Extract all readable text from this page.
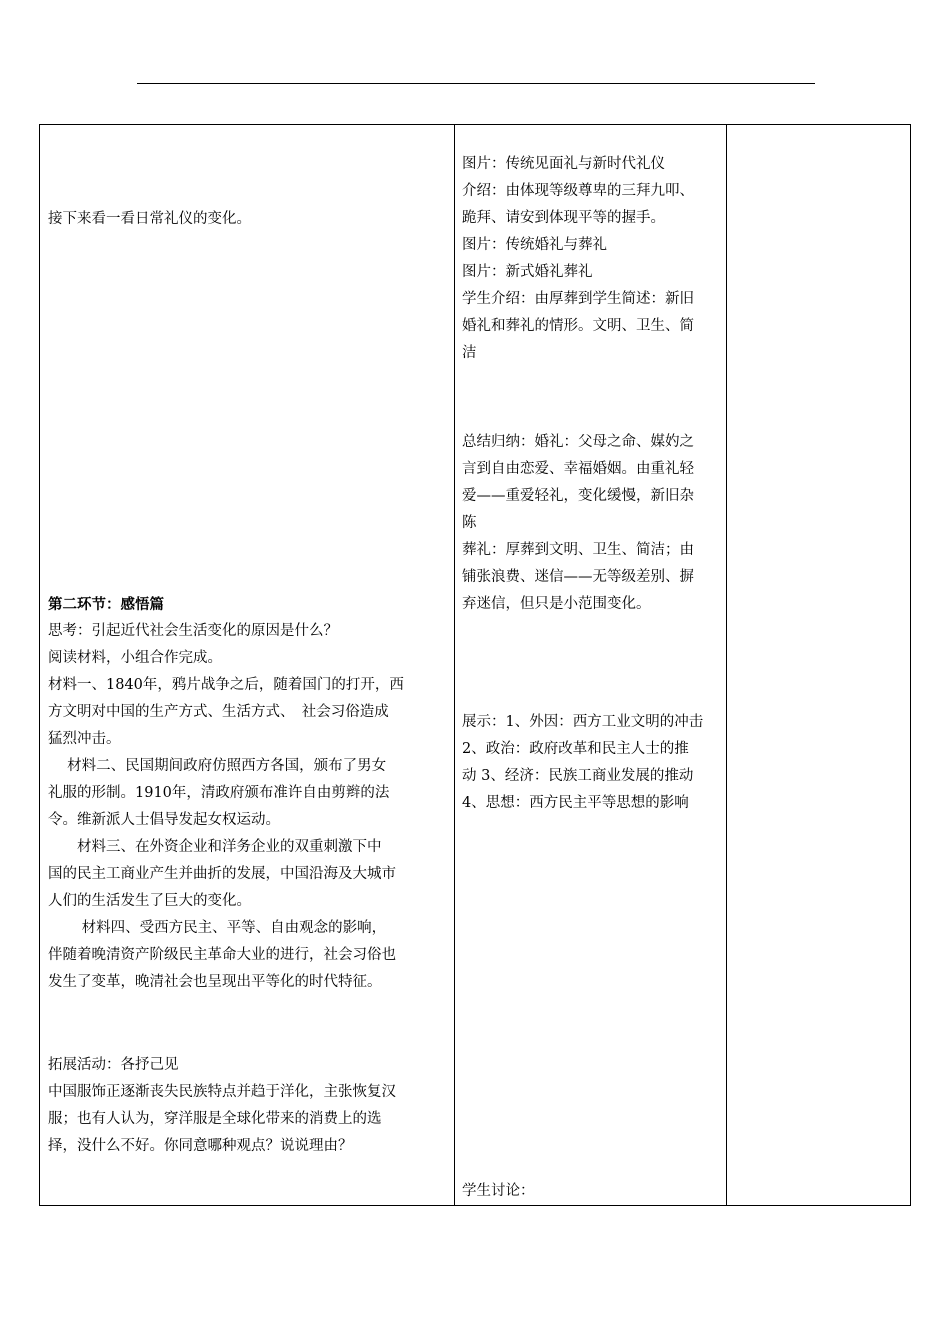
接下来看一看日常礼仪的变化。

第二环节：感悟篇

思考：引起近代社会生活变化的原因是什么？

阅读材料，小组合作完成。

材料一、1840年，鸦片战争之后，随着国门的打开，西

方文明对中国的生产方式、生活方式、　社会习俗造成

猛烈冲击。

　 材料二、民国期间政府仿照西方各国，颁布了男女

礼服的形制。1910年，清政府颁布准许自由剪辫的法

令。维新派人士倡导发起女权运动。

　　材料三、在外资企业和洋务企业的双重刺激下中

国的民主工商业产生并曲折的发展，中国沿海及大城市

人们的生活发生了巨大的变化。

　　 材料四、受西方民主、平等、自由观念的影响，

伴随着晚清资产阶级民主革命大业的进行，社会习俗也

发生了变革，晚清社会也呈现出平等化的时代特征。

拓展活动：各抒己见

中国服饰正逐渐丧失民族特点并趋于洋化，主张恢复汉

服；也有人认为，穿洋服是全球化带来的消费上的选

择，没什么不好。你同意哪种观点？说说理由？

图片：传统见面礼与新时代礼仪

介绍：由体现等级尊卑的三拜九叩、

跪拜、请安到体现平等的握手。

图片：传统婚礼与葬礼

图片：新式婚礼葬礼

学生介绍：由厚葬到学生简述：新旧

婚礼和葬礼的情形。文明、卫生、简

洁

总结归纳：婚礼：父母之命、媒妁之

言到自由恋爱、幸福婚姻。由重礼轻

爱——重爱轻礼，变化缓慢，新旧杂

陈

葬礼：厚葬到文明、卫生、简洁；由

铺张浪费、迷信——无等级差别、摒

弃迷信，但只是小范围变化。

展示：1、外因：西方工业文明的冲击

2、政治：政府改革和民主人士的推

动 3、经济：民族工商业发展的推动

4、思想：西方民主平等思想的影响

学生讨论：
